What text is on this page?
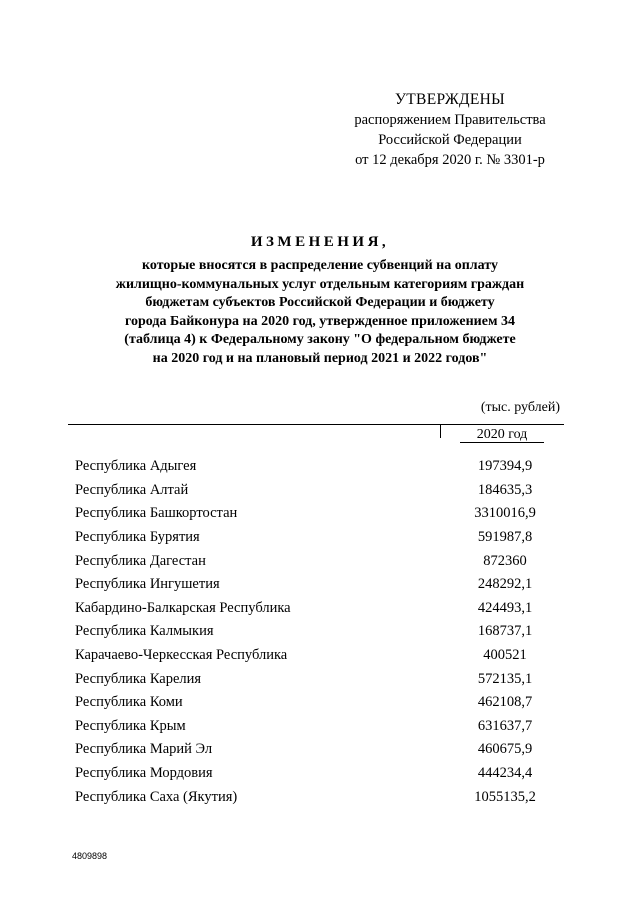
УТВЕРЖДЕНЫ
распоряжением Правительства
Российской Федерации
от 12 декабря 2020 г. № 3301-р
ИЗМЕНЕНИЯ,
которые вносятся в распределение субвенций на оплату
жилищно-коммунальных услуг отдельным категориям граждан
бюджетам субъектов Российской Федерации и бюджету
города Байконура на 2020 год, утвержденное приложением 34
(таблица 4) к Федеральному закону "О федеральном бюджете
на 2020 год и на плановый период 2021 и 2022 годов"
(тыс. рублей)
2020 год
Республика Адыгея	197394,9
Республика Алтай	184635,3
Республика Башкортостан	3310016,9
Республика Бурятия	591987,8
Республика Дагестан	872360
Республика Ингушетия	248292,1
Кабардино-Балкарская Республика	424493,1
Республика Калмыкия	168737,1
Карачаево-Черкесская Республика	400521
Республика Карелия	572135,1
Республика Коми	462108,7
Республика Крым	631637,7
Республика Марий Эл	460675,9
Республика Мордовия	444234,4
Республика Саха (Якутия)	1055135,2
4809898
